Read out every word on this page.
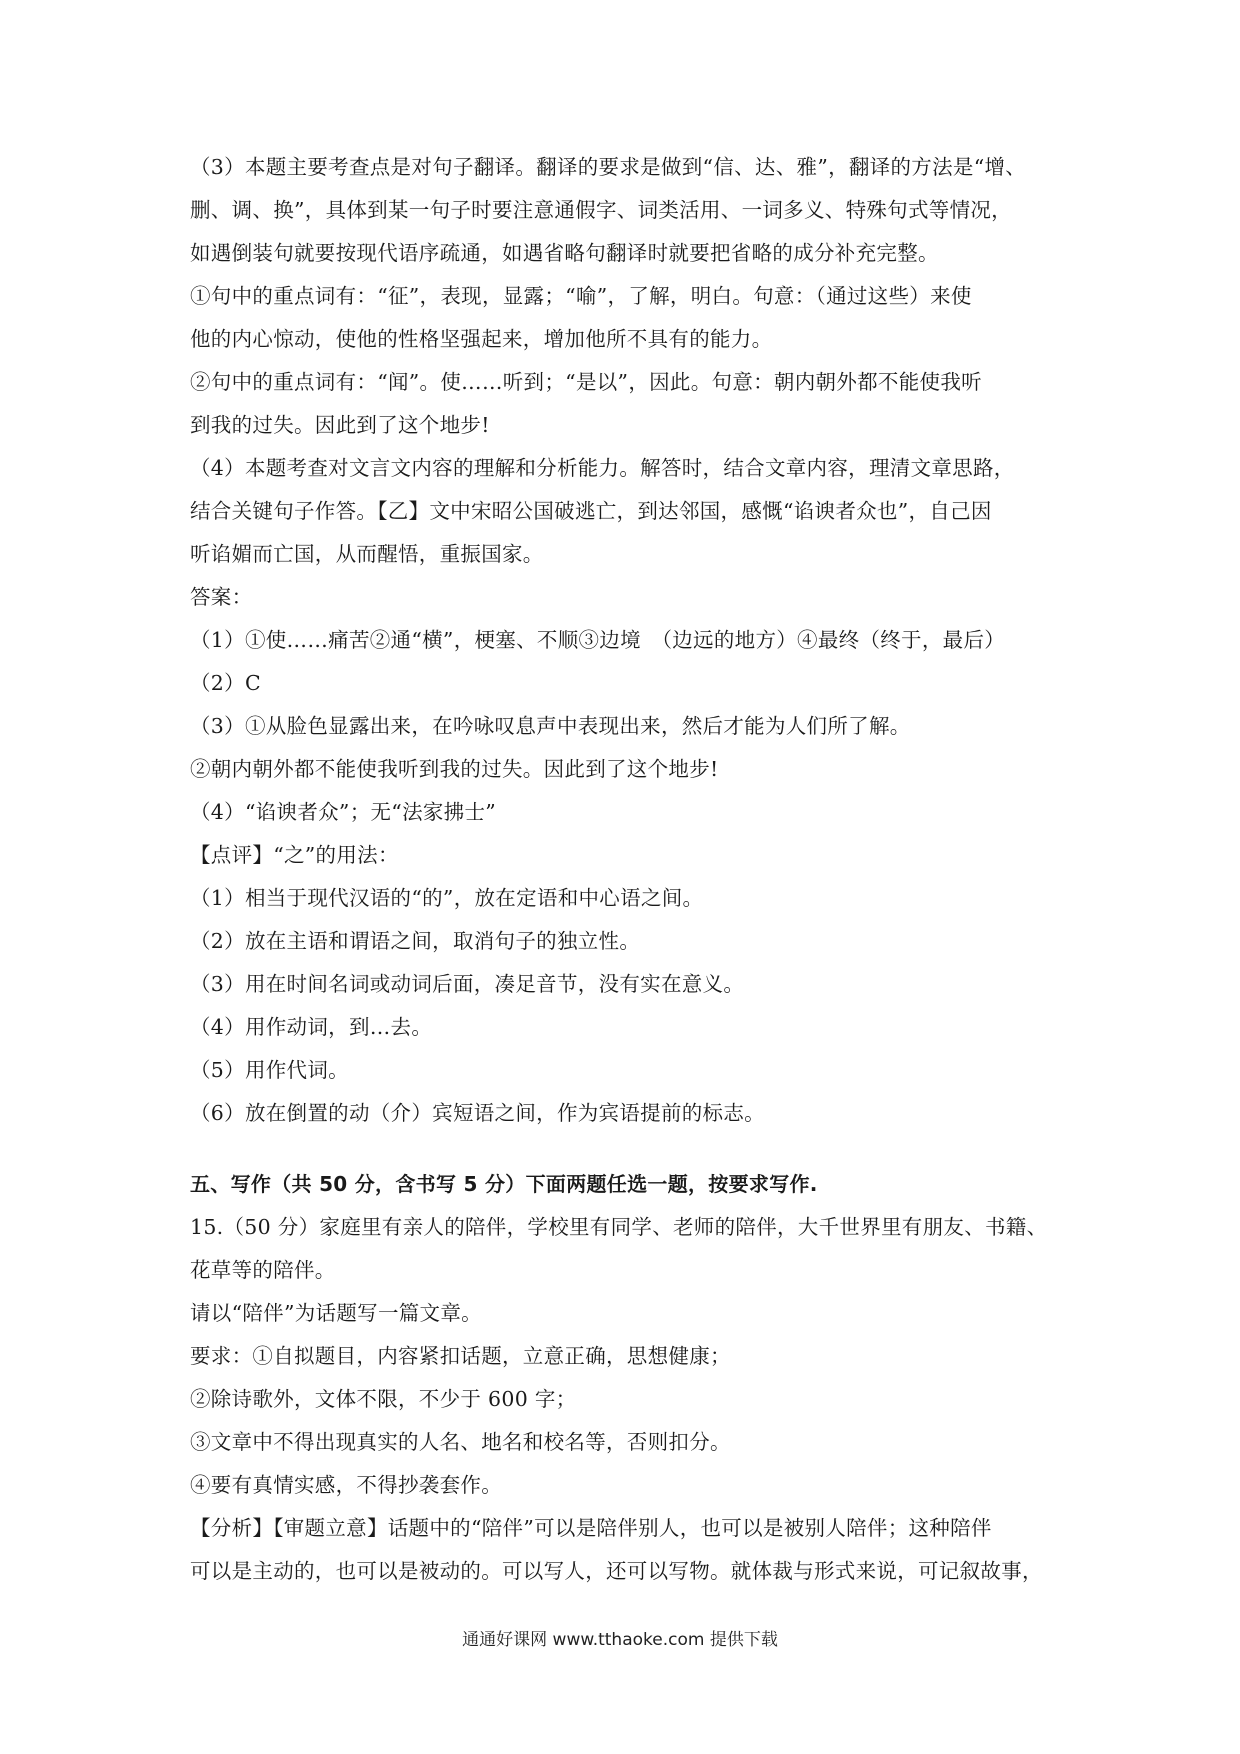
（3）本题主要考查点是对句子翻译。翻译的要求是做到“信、达、雅”，翻译的方法是“增、
删、调、换”，具体到某一句子时要注意通假字、词类活用、一词多义、特殊句式等情况，
如遇倒装句就要按现代语序疏通，如遇省略句翻译时就要把省略的成分补充完整。
①句中的重点词有：“征”，表现，显露；“喻”，了解，明白。句意：（通过这些）来使
他的内心惊动，使他的性格坚强起来，增加他所不具有的能力。
②句中的重点词有：“闻”。使……听到；“是以”，因此。句意：朝内朝外都不能使我听
到我的过失。因此到了这个地步!
（4）本题考查对文言文内容的理解和分析能力。解答时，结合文章内容，理清文章思路，
结合关键句子作答。【乙】文中宋昭公国破逃亡，到达邻国，感慨“谄谀者众也”，自己因
听谄媚而亡国，从而醒悟，重振国家。
答案：
（1）①使……痛苦②通“横”，梗塞、不顺③边境　（边远的地方）④最终（终于，最后）
（2）C
（3）①从脸色显露出来，在吟咏叹息声中表现出来，然后才能为人们所了解。
②朝内朝外都不能使我听到我的过失。因此到了这个地步!
（4）“谄谀者众”；无“法家拂士”
【点评】“之”的用法：
（1）相当于现代汉语的“的”，放在定语和中心语之间。
（2）放在主语和谓语之间，取消句子的独立性。
（3）用在时间名词或动词后面，凑足音节，没有实在意义。
（4）用作动词，到…去。
（5）用作代词。
（6）放在倒置的动（介）宾短语之间，作为宾语提前的标志。
五、写作（共 50 分，含书写 5 分）下面两题任选一题，按要求写作.
15.（50 分）家庭里有亲人的陪伴，学校里有同学、老师的陪伴，大千世界里有朋友、书籍、
花草等的陪伴。
请以“陪伴”为话题写一篇文章。
要求：①自拟题目，内容紧扣话题，立意正确，思想健康；
②除诗歌外，文体不限，不少于 600 字；
③文章中不得出现真实的人名、地名和校名等，否则扣分。
④要有真情实感，不得抄袭套作。
【分析】【审题立意】话题中的“陪伴”可以是陪伴别人，也可以是被别人陪伴；这种陪伴
可以是主动的，也可以是被动的。可以写人，还可以写物。就体裁与形式来说，可记叙故事，
通通好课网 www.tthaoke.com 提供下载
